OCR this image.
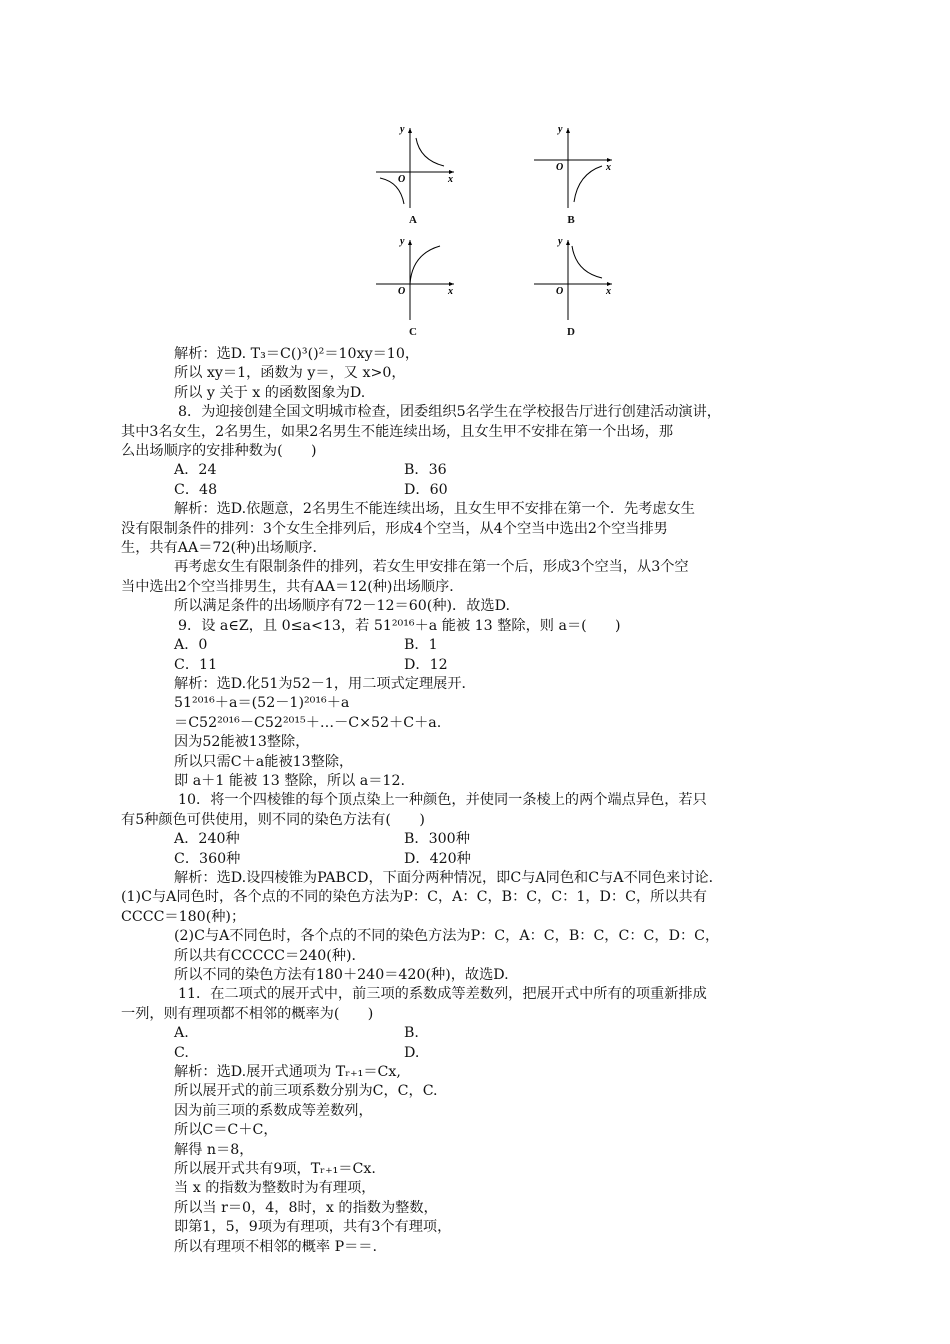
y
x
O
A
y
x
O
B
y
x
O
C
y
x
O
D
解析：选D. T₃＝C()³()²＝10xy＝10，
所以 xy＝1，函数为 y＝，又 x>0，
所以 y 关于 x 的函数图象为D.
8．为迎接创建全国文明城市检查，团委组织5名学生在学校报告厅进行创建活动演讲，
其中3名女生，2名男生，如果2名男生不能连续出场，且女生甲不安排在第一个出场，那
么出场顺序的安排种数为(　　)
A．24	B．36
C．48	D．60
解析：选D.依题意，2名男生不能连续出场，且女生甲不安排在第一个．先考虑女生
没有限制条件的排列：3个女生全排列后，形成4个空当，从4个空当中选出2个空当排男
生，共有AA＝72(种)出场顺序．
再考虑女生有限制条件的排列，若女生甲安排在第一个后，形成3个空当，从3个空
当中选出2个空当排男生，共有AA＝12(种)出场顺序．
所以满足条件的出场顺序有72－12＝60(种)．故选D.
9．设 a∈Z，且 0≤a<13，若 51²⁰¹⁶＋a 能被 13 整除，则 a＝(　　)
A．0	B．1
C．11	D．12
解析：选D.化51为52－1，用二项式定理展开．
51²⁰¹⁶＋a＝(52－1)²⁰¹⁶＋a
＝C52²⁰¹⁶－C52²⁰¹⁵＋…－C×52＋C＋a.
因为52能被13整除，
所以只需C＋a能被13整除，
即 a＋1 能被 13 整除，所以 a＝12.
10．将一个四棱锥的每个顶点染上一种颜色，并使同一条棱上的两个端点异色，若只
有5种颜色可供使用，则不同的染色方法有(　　)
A．240种	B．300种
C．360种	D．420种
解析：选D.设四棱锥为PABCD，下面分两种情况，即C与A同色和C与A不同色来讨论．
(1)C与A同色时，各个点的不同的染色方法为P：C，A：C，B：C，C：1，D：C，所以共有
CCCC＝180(种)；
(2)C与A不同色时，各个点的不同的染色方法为P：C，A：C，B：C，C：C，D：C，
所以共有CCCCC＝240(种)．
所以不同的染色方法有180＋240＝420(种)，故选D.
11．在二项式的展开式中，前三项的系数成等差数列，把展开式中所有的项重新排成
一列，则有理项都不相邻的概率为(　　)
A.	B.
C.	D.
解析：选D.展开式通项为 Tᵣ₊₁＝Cx,
所以展开式的前三项系数分别为C，C，C.
因为前三项的系数成等差数列，
所以C＝C＋C，
解得 n＝8，
所以展开式共有9项，Tᵣ₊₁＝Cx.
当 x 的指数为整数时为有理项，
所以当 r＝0，4，8时，x 的指数为整数，
即第1，5，9项为有理项，共有3个有理项，
所以有理项不相邻的概率 P＝＝.
